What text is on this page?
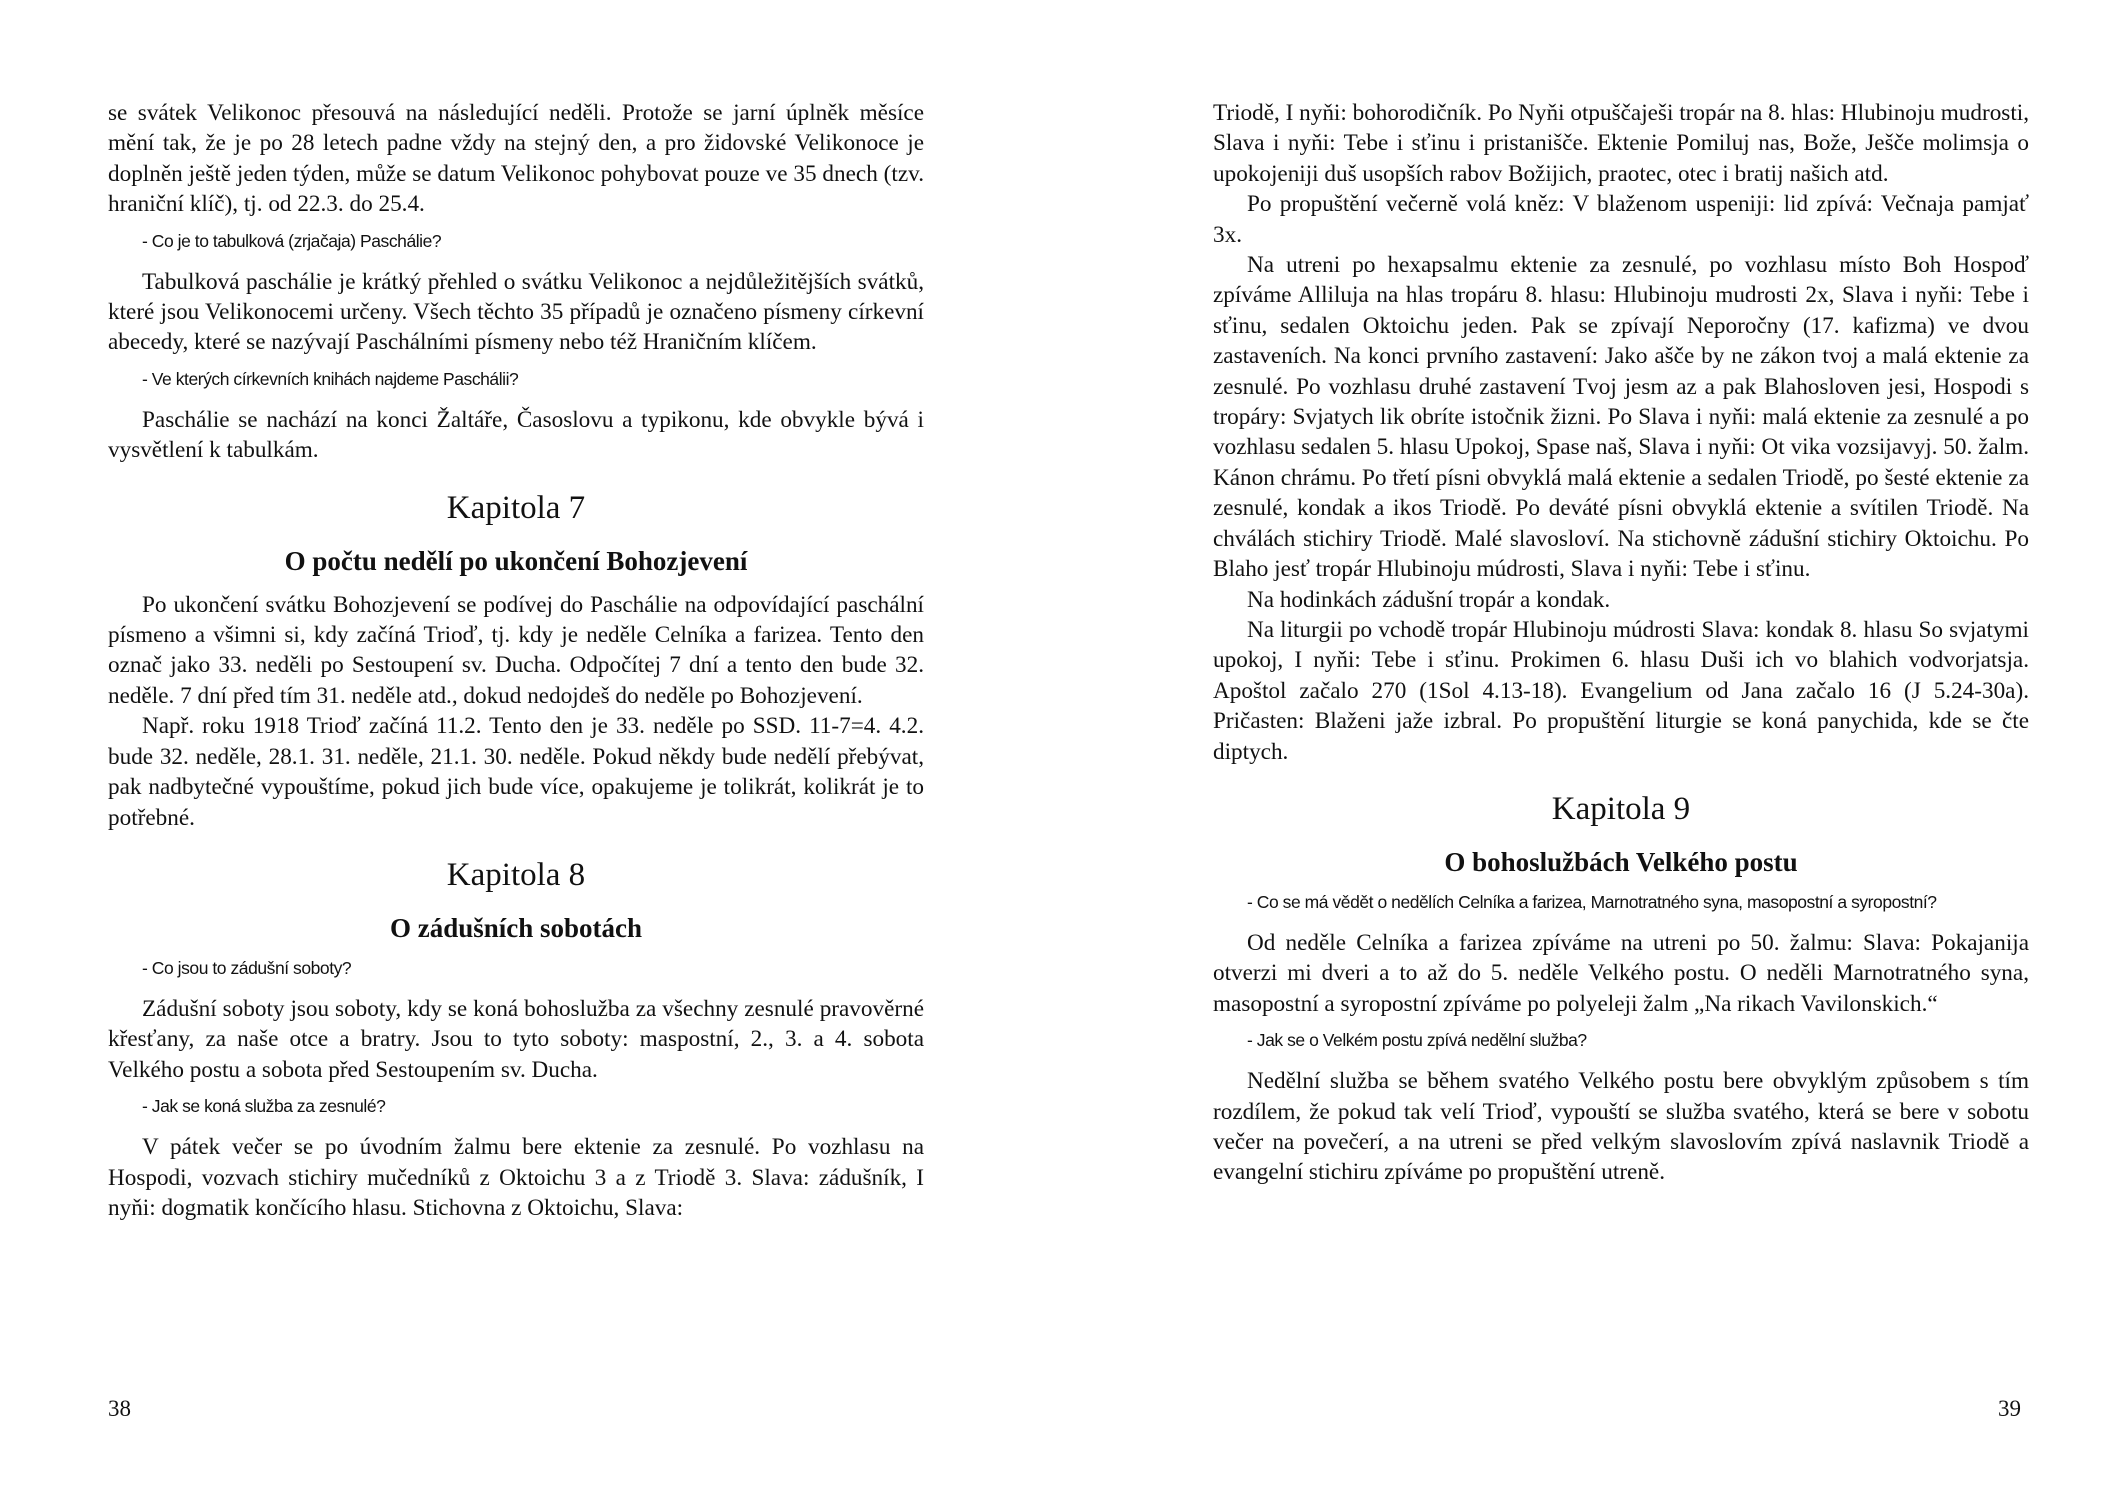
se svátek Velikonoc přesouvá na následující neděli. Protože se jarní úplněk měsíce mění tak, že je po 28 letech padne vždy na stejný den, a pro židovské Velikonoce je doplněn ještě jeden týden, může se datum Velikonoc pohybovat pouze ve 35 dnech (tzv. hraniční klíč), tj. od 22.3. do 25.4.

- Co je to tabulková (zrjačaja) Paschálie?

Tabulková paschálie je krátký přehled o svátku Velikonoc a nejdůležitějších svátků, které jsou Velikonocemi určeny. Všech těchto 35 případů je označeno písmeny církevní abecedy, které se nazývají Paschálními písmeny nebo též Hraničním klíčem.

- Ve kterých církevních knihách najdeme Paschálii?

Paschálie se nachází na konci Žaltáře, Časoslovu a typikonu, kde obvykle bývá i vysvětlení k tabulkám.

Kapitola 7
O počtu nedělí po ukončení Bohozjevení

Po ukončení svátku Bohozjevení se podívej do Paschálie na odpovídající paschální písmeno a všimni si, kdy začíná Trioď, tj. kdy je neděle Celníka a farizea. Tento den označ jako 33. neděli po Sestoupení sv. Ducha. Odpočítej 7 dní a tento den bude 32. neděle. 7 dní před tím 31. neděle atd., dokud nedojdeš do neděle po Bohozjevení.

Např. roku 1918 Trioď začíná 11.2. Tento den je 33. neděle po SSD. 11-7=4. 4.2. bude 32. neděle, 28.1. 31. neděle, 21.1. 30. neděle. Pokud někdy bude nedělí přebývat, pak nadbytečné vypouštíme, pokud jich bude více, opakujeme je tolikrát, kolikrát je to potřebné.

Kapitola 8
O zádušních sobotách
- Co jsou to zádušní soboty?

Zádušní soboty jsou soboty, kdy se koná bohoslužba za všechny zesnulé pravověrné křesťany, za naše otce a bratry. Jsou to tyto soboty: maspostní, 2., 3. a 4. sobota Velkého postu a sobota před Sestoupením sv. Ducha.

- Jak se koná služba za zesnulé?

V pátek večer se po úvodním žalmu bere ektenie za zesnulé. Po vozhlasu na Hospodi, vozvach stichiry mučedníků z Oktoichu 3 a z Triodě 3. Slava: zádušník, I nyňi: dogmatik končícího hlasu. Stichovna z Oktoichu, Slava:

Triodě, I nyňi: bohorodičník. Po Nyňi otpuščaješi tropár na 8. hlas: Hlubinoju mudrosti, Slava i nyňi: Tebe i sťinu i pristanišče. Ektenie Pomiluj nas, Bože, Ješče molimsja o upokojeniji duš usopších rabov Božijich, praotec, otec i bratij našich atd.

Po propuštění večerně volá kněz: V blaženom uspeniji: lid zpívá: Večnaja pamjať 3x.

Na utreni po hexapsalmu ektenie za zesnulé, po vozhlasu místo Boh Hospoď zpíváme Alliluja na hlas tropáru 8. hlasu: Hlubinoju mudrosti 2x, Slava i nyňi: Tebe i sťinu, sedalen Oktoichu jeden. Pak se zpívají Neporočny (17. kafizma) ve dvou zastaveních. Na konci prvního zastavení: Jako ašče by ne zákon tvoj a malá ektenie za zesnulé. Po vozhlasu druhé zastavení Tvoj jesm az a pak Blahosloven jesi, Hospodi s tropáry: Svjatych lik obríte istočnik žizni. Po Slava i nyňi: malá ektenie za zesnulé a po vozhlasu sedalen 5. hlasu Upokoj, Spase naš, Slava i nyňi: Ot vika vozsijavyj. 50. žalm. Kánon chrámu. Po třetí písni obvyklá malá ektenie a sedalen Triodě, po šesté ektenie za zesnulé, kondak a ikos Triodě. Po deváté písni obvyklá ektenie a svítilen Triodě. Na chválách stichiry Triodě. Malé slavosloví. Na stichovně zádušní stichiry Oktoichu. Po Blaho jesť tropár Hlubinoju múdrosti, Slava i nyňi: Tebe i sťinu.

Na hodinkách zádušní tropár a kondak.

Na liturgii po vchodě tropár Hlubinoju múdrosti Slava: kondak 8. hlasu So svjatymi upokoj, I nyňi: Tebe i sťinu. Prokimen 6. hlasu Duši ich vo blahich vodvorjatsja. Apoštol začalo 270 (1Sol 4.13-18). Evangelium od Jana začalo 16 (J 5.24-30a). Pričasten: Blaženi jaže izbral. Po propuštění liturgie se koná panychida, kde se čte diptych.

Kapitola 9
O bohoslužbách Velkého postu
- Co se má vědět o nedělích Celníka a farizea, Marnotratného syna, masopostní a syropostní?

Od neděle Celníka a farizea zpíváme na utreni po 50. žalmu: Slava: Pokajanija otverzi mi dveri a to až do 5. neděle Velkého postu. O neděli Marnotratného syna, masopostní a syropostní zpíváme po polyeleji žalm „Na rikach Vavilonskich.“

- Jak se o Velkém postu zpívá nedělní služba?

Nedělní služba se během svatého Velkého postu bere obvyklým způsobem s tím rozdílem, že pokud tak velí Trioď, vypouští se služba svatého, která se bere v sobotu večer na povečerí, a na utreni se před velkým slavoslovím zpívá naslavnik Triodě a evangelní stichiru zpíváme po propuštění utreně.

38	39
